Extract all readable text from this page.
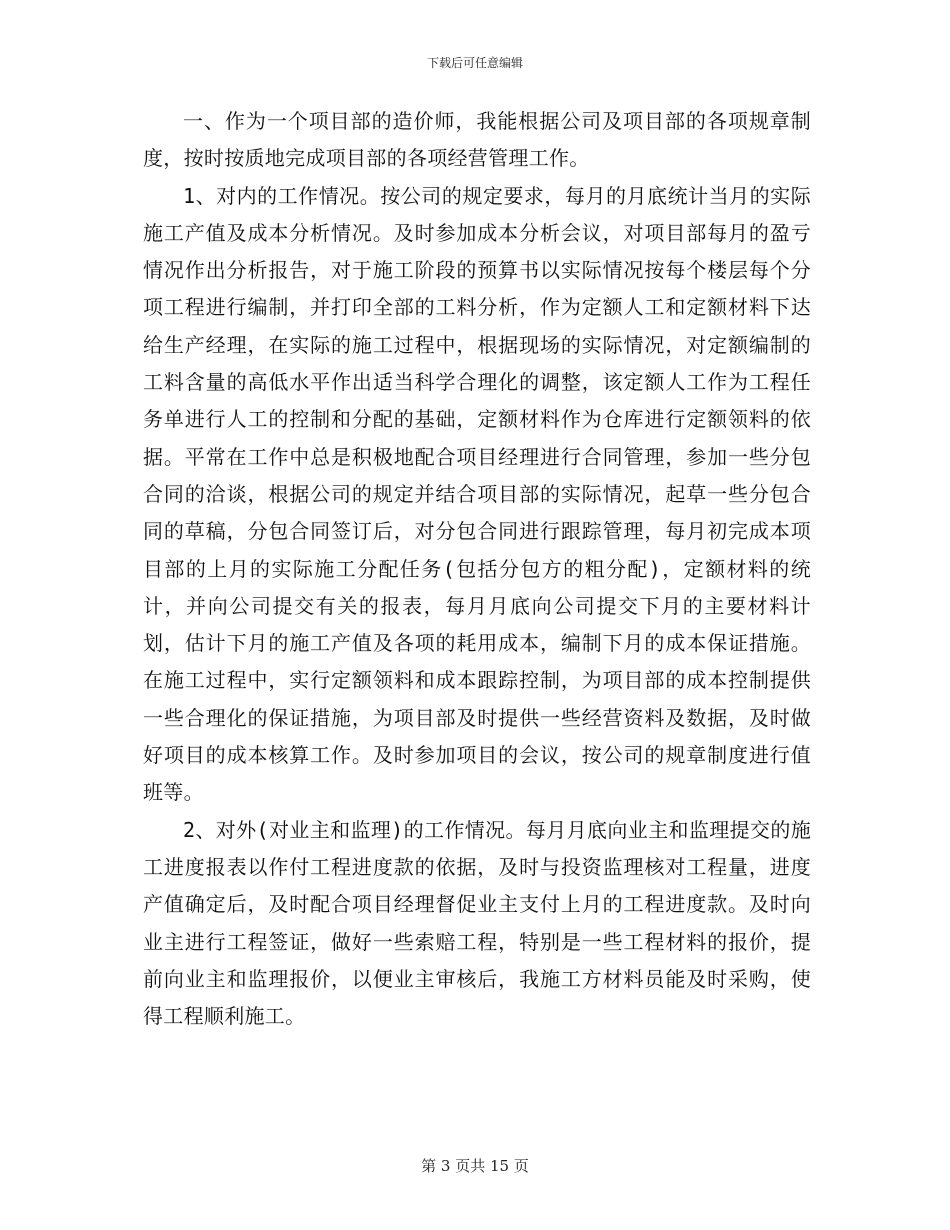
下载后可任意编辑

一、作为一个项目部的造价师，我能根据公司及项目部的各项规章制度，按时按质地完成项目部的各项经营管理工作。

1、对内的工作情况。按公司的规定要求，每月的月底统计当月的实际施工产值及成本分析情况。及时参加成本分析会议，对项目部每月的盈亏情况作出分析报告，对于施工阶段的预算书以实际情况按每个楼层每个分项工程进行编制，并打印全部的工料分析，作为定额人工和定额材料下达给生产经理，在实际的施工过程中，根据现场的实际情况，对定额编制的工料含量的高低水平作出适当科学合理化的调整，该定额人工作为工程任务单进行人工的控制和分配的基础，定额材料作为仓库进行定额领料的依据。平常在工作中总是积极地配合项目经理进行合同管理，参加一些分包合同的洽谈，根据公司的规定并结合项目部的实际情况，起草一些分包合同的草稿，分包合同签订后，对分包合同进行跟踪管理，每月初完成本项目部的上月的实际施工分配任务(包括分包方的粗分配)，定额材料的统计，并向公司提交有关的报表，每月月底向公司提交下月的主要材料计划，估计下月的施工产值及各项的耗用成本，编制下月的成本保证措施。在施工过程中，实行定额领料和成本跟踪控制，为项目部的成本控制提供一些合理化的保证措施，为项目部及时提供一些经营资料及数据，及时做好项目的成本核算工作。及时参加项目的会议，按公司的规章制度进行值班等。

2、对外(对业主和监理)的工作情况。每月月底向业主和监理提交的施工进度报表以作付工程进度款的依据，及时与投资监理核对工程量，进度产值确定后，及时配合项目经理督促业主支付上月的工程进度款。及时向业主进行工程签证，做好一些索赔工程，特别是一些工程材料的报价，提前向业主和监理报价，以便业主审核后，我施工方材料员能及时采购，使得工程顺利施工。

第 3 页共 15 页
